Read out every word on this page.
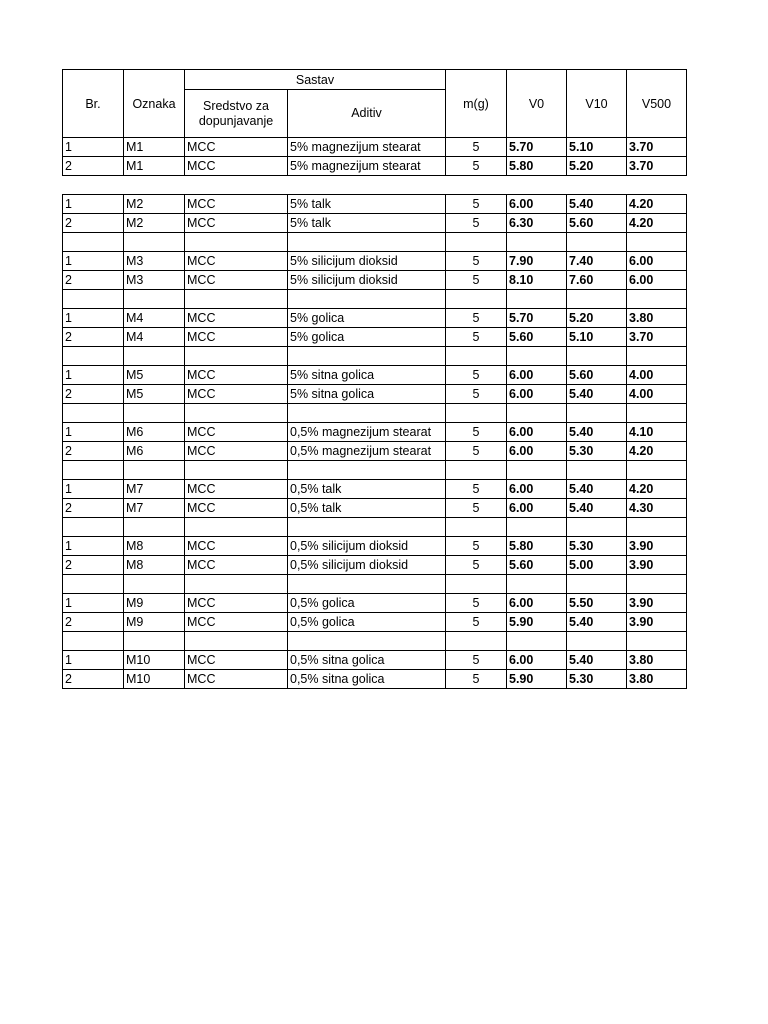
Br.	Oznaka	Sastav		m(g)	V0	V10	V500
		Sredstvo za dopunjavanje	Aditiv				
1	M1	MCC	5% magnezijum stearat	5	5.70	5.10	3.70
2	M1	MCC	5% magnezijum stearat	5	5.80	5.20	3.70

1	M2	MCC	5% talk	5	6.00	5.40	4.20
2	M2	MCC	5% talk	5	6.30	5.60	4.20

1	M3	MCC	5% silicijum dioksid	5	7.90	7.40	6.00
2	M3	MCC	5% silicijum dioksid	5	8.10	7.60	6.00

1	M4	MCC	5% golica	5	5.70	5.20	3.80
2	M4	MCC	5% golica	5	5.60	5.10	3.70

1	M5	MCC	5% sitna golica	5	6.00	5.60	4.00
2	M5	MCC	5% sitna golica	5	6.00	5.40	4.00

1	M6	MCC	0,5% magnezijum stearat	5	6.00	5.40	4.10
2	M6	MCC	0,5% magnezijum stearat	5	6.00	5.30	4.20

1	M7	MCC	0,5% talk	5	6.00	5.40	4.20
2	M7	MCC	0,5% talk	5	6.00	5.40	4.30

1	M8	MCC	0,5% silicijum dioksid	5	5.80	5.30	3.90
2	M8	MCC	0,5% silicijum dioksid	5	5.60	5.00	3.90

1	M9	MCC	0,5% golica	5	6.00	5.50	3.90
2	M9	MCC	0,5% golica	5	5.90	5.40	3.90

1	M10	MCC	0,5% sitna golica	5	6.00	5.40	3.80
2	M10	MCC	0,5% sitna golica	5	5.90	5.30	3.80
